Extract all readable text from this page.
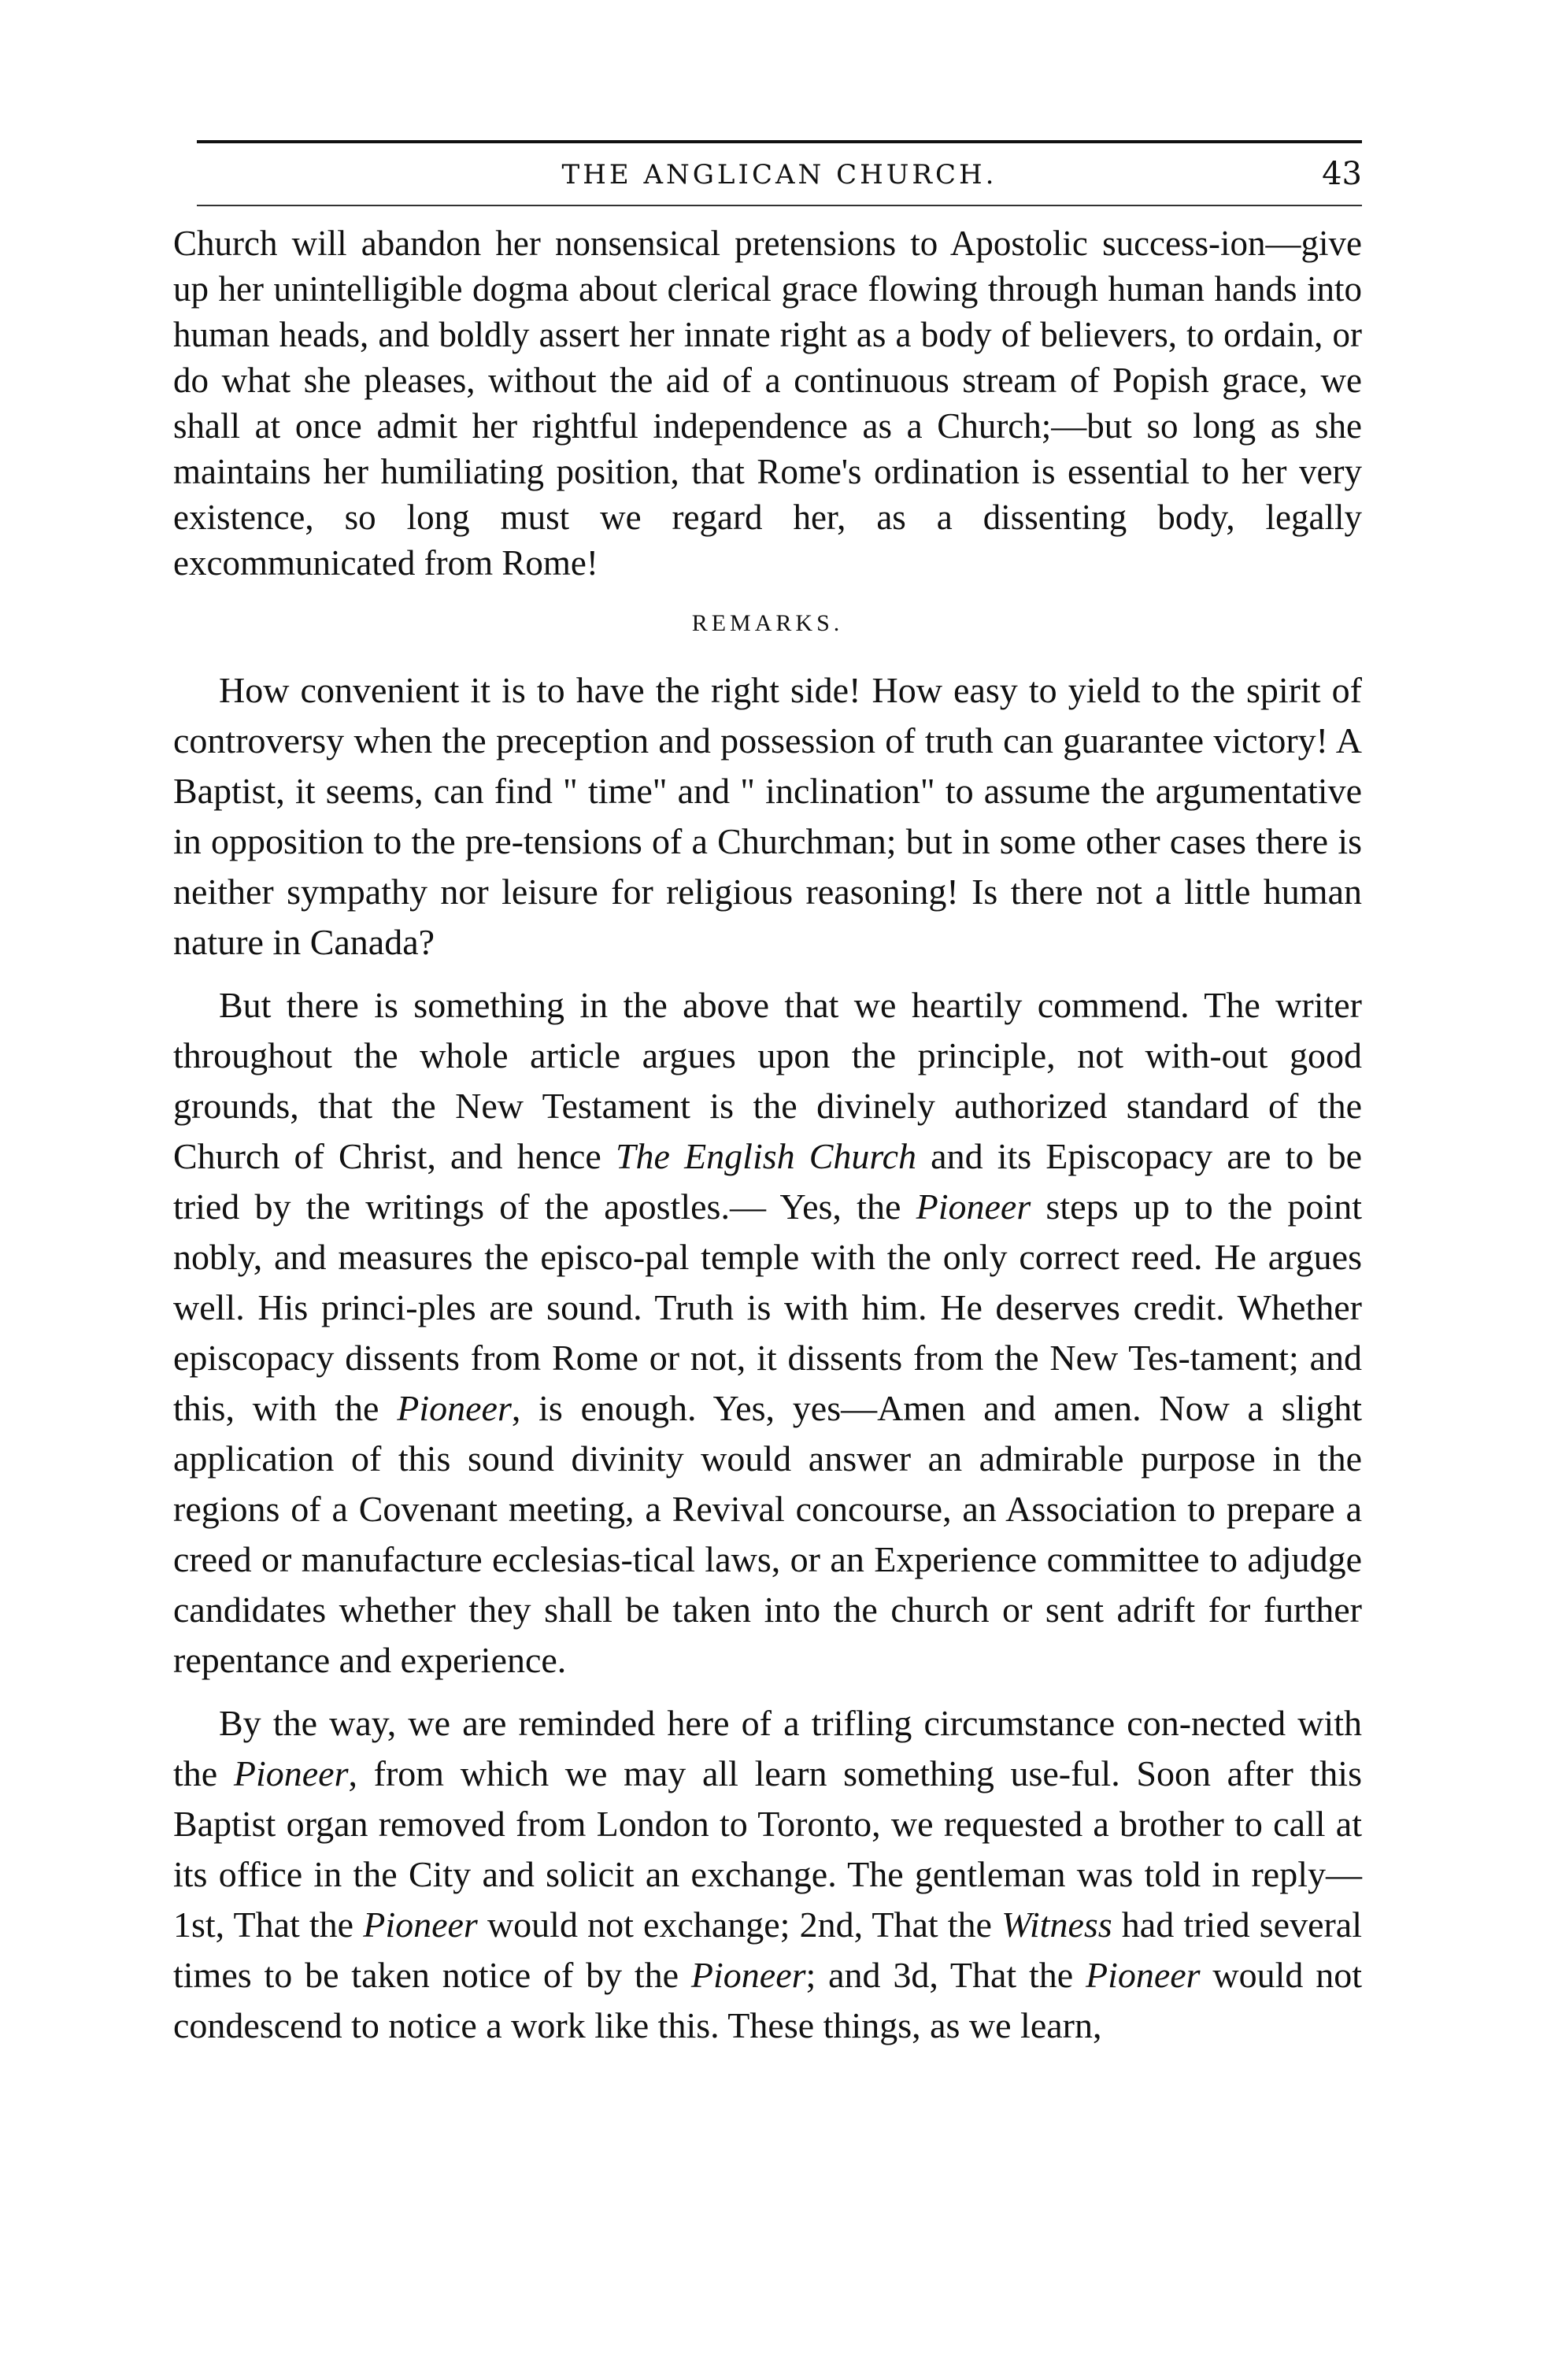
THE ANGLICAN CHURCH.	43

Church will abandon her nonsensical pretensions to Apostolic success-ion—give up her unintelligible dogma about clerical grace flowing through human hands into human heads, and boldly assert her innate right as a body of believers, to ordain, or do what she pleases, without the aid of a continuous stream of Popish grace, we shall at once admit her rightful independence as a Church;—but so long as she maintains her humiliating position, that Rome's ordination is essential to her very existence, so long must we regard her, as a dissenting body, legally excommunicated from Rome!

REMARKS.

How convenient it is to have the right side! How easy to yield to the spirit of controversy when the preception and possession of truth can guarantee victory! A Baptist, it seems, can find " time" and " inclination" to assume the argumentative in opposition to the pre-tensions of a Churchman; but in some other cases there is neither sympathy nor leisure for religious reasoning! Is there not a little human nature in Canada?

But there is something in the above that we heartily commend. The writer throughout the whole article argues upon the principle, not with-out good grounds, that the New Testament is the divinely authorized standard of the Church of Christ, and hence The English Church and its Episcopacy are to be tried by the writings of the apostles.— Yes, the Pioneer steps up to the point nobly, and measures the episco-pal temple with the only correct reed. He argues well. His princi-ples are sound. Truth is with him. He deserves credit. Whether episcopacy dissents from Rome or not, it dissents from the New Tes-tament; and this, with the Pioneer, is enough. Yes, yes—Amen and amen. Now a slight application of this sound divinity would answer an admirable purpose in the regions of a Covenant meeting, a Revival concourse, an Association to prepare a creed or manufacture ecclesias-tical laws, or an Experience committee to adjudge candidates whether they shall be taken into the church or sent adrift for further repentance and experience.

By the way, we are reminded here of a trifling circumstance con-nected with the Pioneer, from which we may all learn something use-ful. Soon after this Baptist organ removed from London to Toronto, we requested a brother to call at its office in the City and solicit an exchange. The gentleman was told in reply—1st, That the Pioneer would not exchange; 2nd, That the Witness had tried several times to be taken notice of by the Pioneer; and 3d, That the Pioneer would not condescend to notice a work like this. These things, as we learn,
